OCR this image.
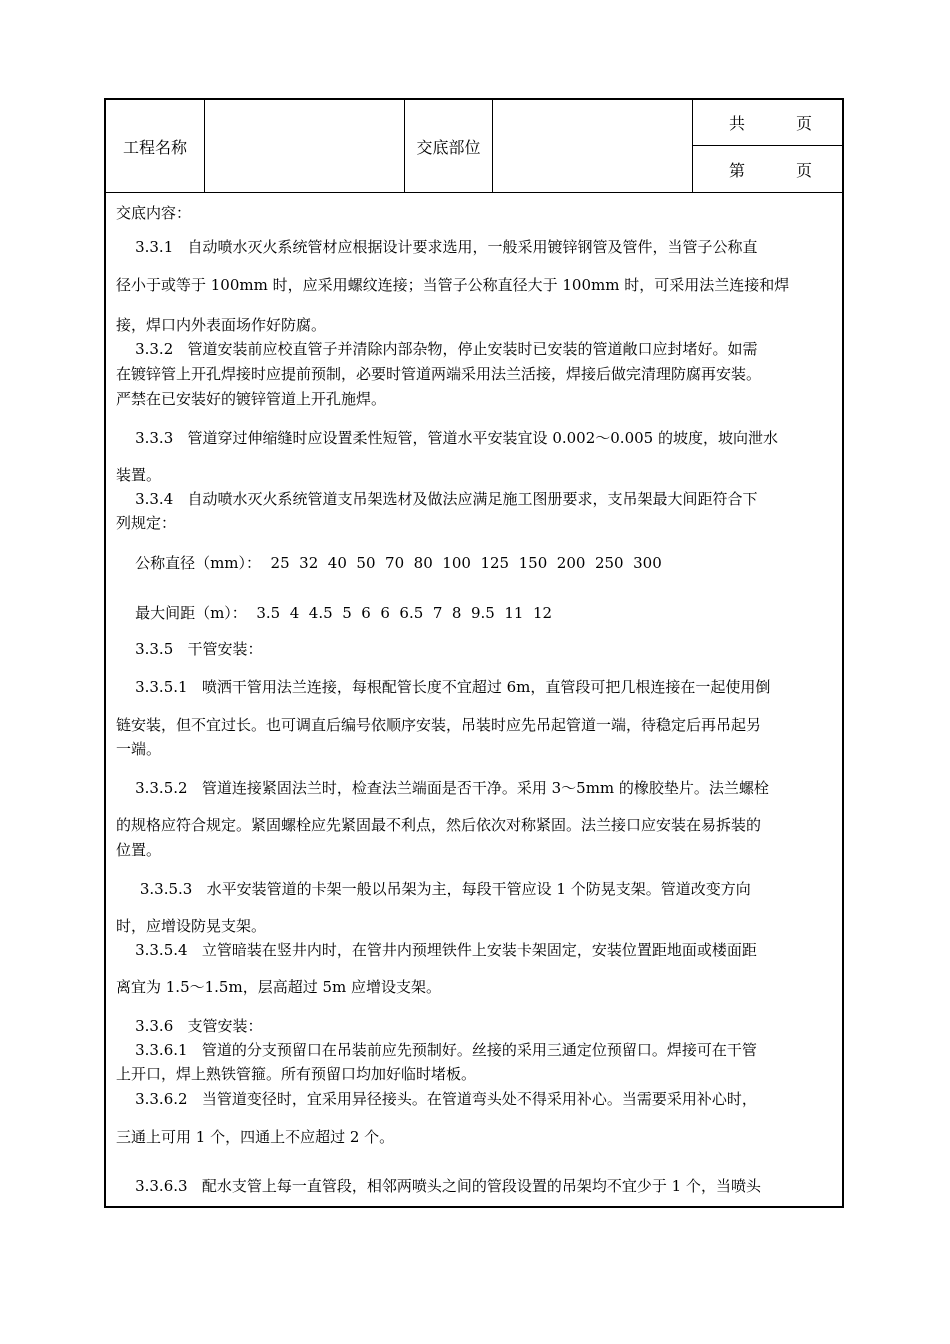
工程名称	交底部位
共	页
第	页
交底内容：
3.3.1   自动喷水灭火系统管材应根据设计要求选用，一般采用镀锌钢管及管件，当管子公称直
径小于或等于 100mm 时，应采用螺纹连接；当管子公称直径大于 100mm 时，可采用法兰连接和焊
接，焊口内外表面场作好防腐。
3.3.2   管道安装前应校直管子并清除内部杂物，停止安装时已安装的管道敞口应封堵好。如需
在镀锌管上开孔焊接时应提前预制，必要时管道两端采用法兰活接，焊接后做完清理防腐再安装。
严禁在已安装好的镀锌管道上开孔施焊。
3.3.3   管道穿过伸缩缝时应设置柔性短管，管道水平安装宜设 0.002～0.005 的坡度，坡向泄水
装置。
3.3.4   自动喷水灭火系统管道支吊架选材及做法应满足施工图册要求，支吊架最大间距符合下
列规定：
公称直径（mm）：  25  32  40  50  70  80  100  125  150  200  250  300
最大间距（m）：  3.5  4  4.5  5  6  6  6.5  7  8  9.5  11  12
3.3.5   干管安装：
3.3.5.1   喷洒干管用法兰连接，每根配管长度不宜超过 6m，直管段可把几根连接在一起使用倒
链安装，但不宜过长。也可调直后编号依顺序安装，吊装时应先吊起管道一端，待稳定后再吊起另
一端。
3.3.5.2   管道连接紧固法兰时，检查法兰端面是否干净。采用 3～5mm 的橡胶垫片。法兰螺栓
的规格应符合规定。紧固螺栓应先紧固最不利点，然后依次对称紧固。法兰接口应安装在易拆装的
位置。
3.3.5.3   水平安装管道的卡架一般以吊架为主，每段干管应设 1 个防晃支架。管道改变方向
时，应增设防晃支架。
3.3.5.4   立管暗装在竖井内时，在管井内预埋铁件上安装卡架固定，安装位置距地面或楼面距
离宜为 1.5～1.5m，层高超过 5m 应增设支架。
3.3.6   支管安装：
3.3.6.1   管道的分支预留口在吊装前应先预制好。丝接的采用三通定位预留口。焊接可在干管
上开口，焊上熟铁管箍。所有预留口均加好临时堵板。
3.3.6.2   当管道变径时，宜采用异径接头。在管道弯头处不得采用补心。当需要采用补心时，
三通上可用 1 个，四通上不应超过 2 个。
3.3.6.3   配水支管上每一直管段，相邻两喷头之间的管段设置的吊架均不宜少于 1 个，当喷头
